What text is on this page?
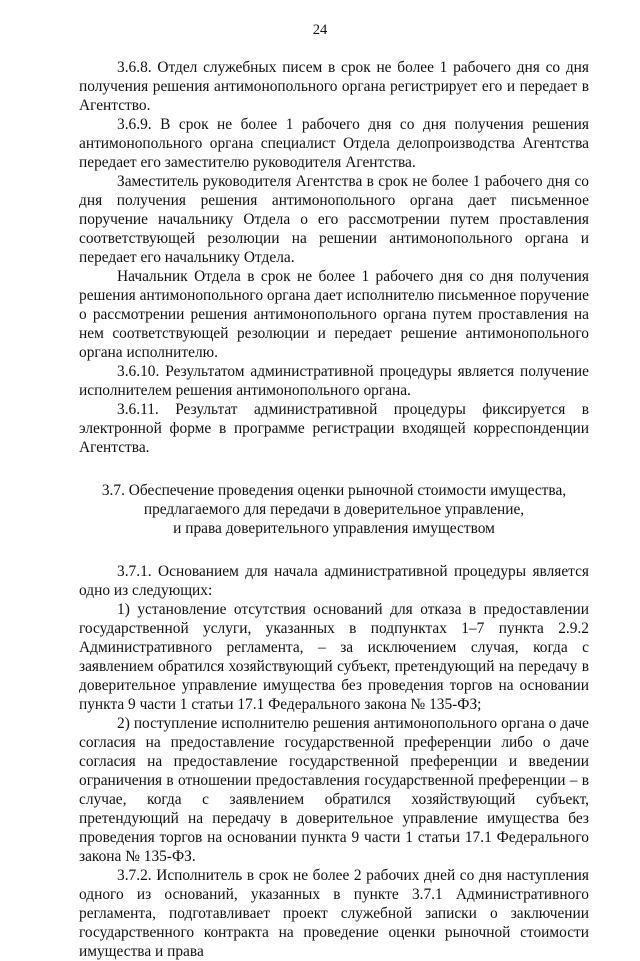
24

3.6.8. Отдел служебных писем в срок не более 1 рабочего дня со дня получения решения антимонопольного органа регистрирует его и передает в Агентство.

3.6.9. В срок не более 1 рабочего дня со дня получения решения антимонопольного органа специалист Отдела делопроизводства Агентства передает его заместителю руководителя Агентства.

Заместитель руководителя Агентства в срок не более 1 рабочего дня со дня получения решения антимонопольного органа дает письменное поручение начальнику Отдела о его рассмотрении путем проставления соответствующей резолюции на решении антимонопольного органа и передает его начальнику Отдела.

Начальник Отдела в срок не более 1 рабочего дня со дня получения решения антимонопольного органа дает исполнителю письменное поручение о рассмотрении решения антимонопольного органа путем проставления на нем соответствующей резолюции и передает решение антимонопольного органа исполнителю.

3.6.10. Результатом административной процедуры является получение исполнителем решения антимонопольного органа.

3.6.11. Результат административной процедуры фиксируется в электронной форме в программе регистрации входящей корреспонденции Агентства.

3.7. Обеспечение проведения оценки рыночной стоимости имущества,
предлагаемого для передачи в доверительное управление,
и права доверительного управления имуществом

3.7.1. Основанием для начала административной процедуры является одно из следующих:

1) установление отсутствия оснований для отказа в предоставлении государственной услуги, указанных в подпунктах 1–7 пункта 2.9.2 Административного регламента, – за исключением случая, когда с заявлением обратился хозяйствующий субъект, претендующий на передачу в доверительное управление имущества без проведения торгов на основании пункта 9 части 1 статьи 17.1 Федерального закона № 135-ФЗ;

2) поступление исполнителю решения антимонопольного органа о даче согласия на предоставление государственной преференции либо о даче согласия на предоставление государственной преференции и введении ограничения в отношении предоставления государственной преференции – в случае, когда с заявлением обратился хозяйствующий субъект, претендующий на передачу в доверительное управление имущества без проведения торгов на основании пункта 9 части 1 статьи 17.1 Федерального закона № 135-ФЗ.

3.7.2. Исполнитель в срок не более 2 рабочих дней со дня наступления одного из оснований, указанных в пункте 3.7.1 Административного регламента, подготавливает проект служебной записки о заключении государственного контракта на проведение оценки рыночной стоимости имущества и права
